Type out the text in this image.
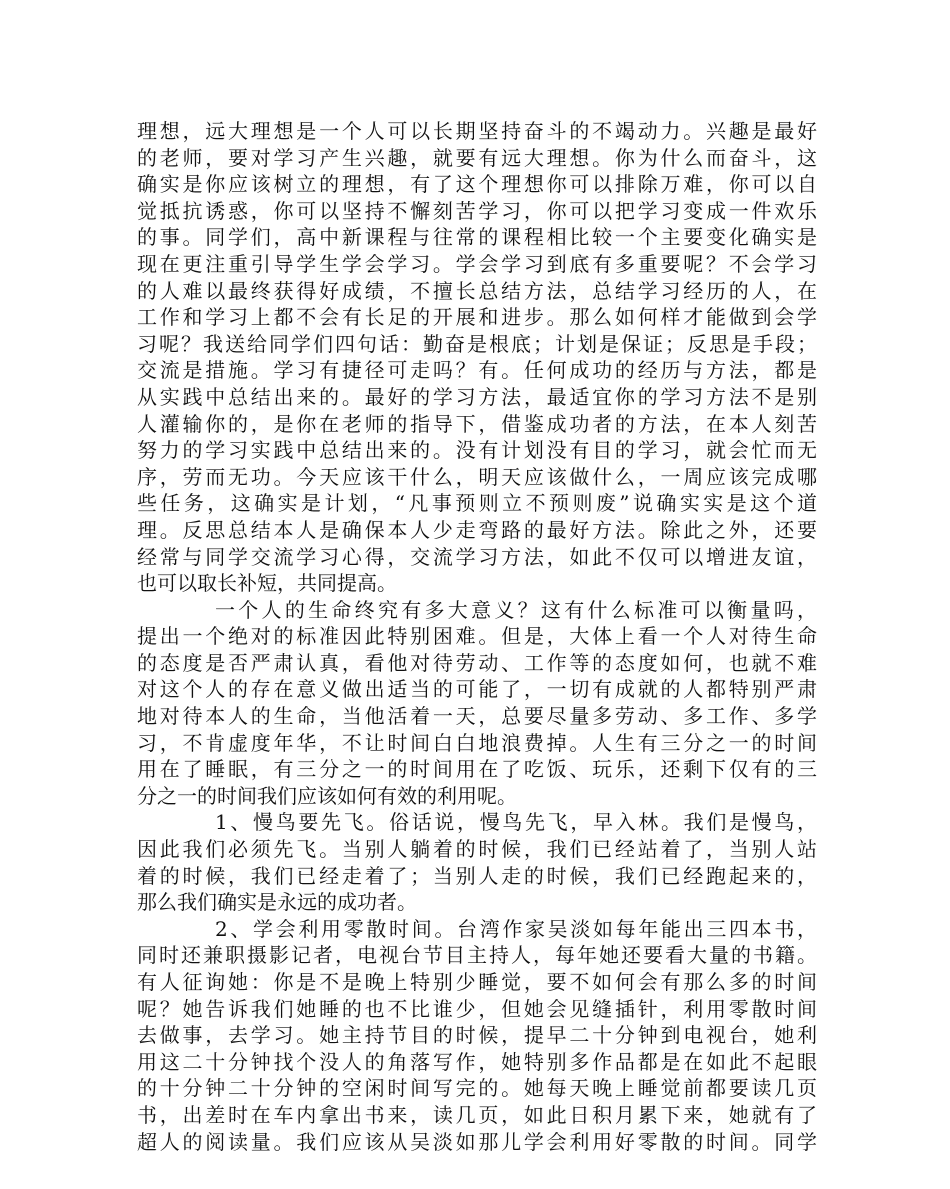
理想，远大理想是一个人可以长期坚持奋斗的不竭动力。兴趣是最好
的老师，要对学习产生兴趣，就要有远大理想。你为什么而奋斗，这
确实是你应该树立的理想，有了这个理想你可以排除万难，你可以自
觉抵抗诱惑，你可以坚持不懈刻苦学习，你可以把学习变成一件欢乐
的事。同学们，高中新课程与往常的课程相比较一个主要变化确实是
现在更注重引导学生学会学习。学会学习到底有多重要呢？不会学习
的人难以最终获得好成绩，不擅长总结方法，总结学习经历的人，在
工作和学习上都不会有长足的开展和进步。那么如何样才能做到会学
习呢？我送给同学们四句话：勤奋是根底；计划是保证；反思是手段；
交流是措施。学习有捷径可走吗？有。任何成功的经历与方法，都是
从实践中总结出来的。最好的学习方法，最适宜你的学习方法不是别
人灌输你的，是你在老师的指导下，借鉴成功者的方法，在本人刻苦
努力的学习实践中总结出来的。没有计划没有目的学习，就会忙而无
序，劳而无功。今天应该干什么，明天应该做什么，一周应该完成哪
些任务，这确实是计划，“凡事预则立不预则废”说确实实是这个道
理。反思总结本人是确保本人少走弯路的最好方法。除此之外，还要
经常与同学交流学习心得，交流学习方法，如此不仅可以增进友谊，
也可以取长补短，共同提高。
一个人的生命终究有多大意义？这有什么标准可以衡量吗，
提出一个绝对的标准因此特别困难。但是，大体上看一个人对待生命
的态度是否严肃认真，看他对待劳动、工作等的态度如何，也就不难
对这个人的存在意义做出适当的可能了，一切有成就的人都特别严肃
地对待本人的生命，当他活着一天，总要尽量多劳动、多工作、多学
习，不肯虚度年华，不让时间白白地浪费掉。人生有三分之一的时间
用在了睡眠，有三分之一的时间用在了吃饭、玩乐，还剩下仅有的三
分之一的时间我们应该如何有效的利用呢。
1、慢鸟要先飞。俗话说，慢鸟先飞，早入林。我们是慢鸟，
因此我们必须先飞。当别人躺着的时候，我们已经站着了，当别人站
着的时候，我们已经走着了；当别人走的时候，我们已经跑起来的，
那么我们确实是永远的成功者。
2、学会利用零散时间。台湾作家吴淡如每年能出三四本书，
同时还兼职摄影记者，电视台节目主持人，每年她还要看大量的书籍。
有人征询她：你是不是晚上特别少睡觉，要不如何会有那么多的时间
呢？她告诉我们她睡的也不比谁少，但她会见缝插针，利用零散时间
去做事，去学习。她主持节目的时候，提早二十分钟到电视台，她利
用这二十分钟找个没人的角落写作，她特别多作品都是在如此不起眼
的十分钟二十分钟的空闲时间写完的。她每天晚上睡觉前都要读几页
书，出差时在车内拿出书来，读几页，如此日积月累下来，她就有了
超人的阅读量。我们应该从吴淡如那儿学会利用好零散的时间。同学
